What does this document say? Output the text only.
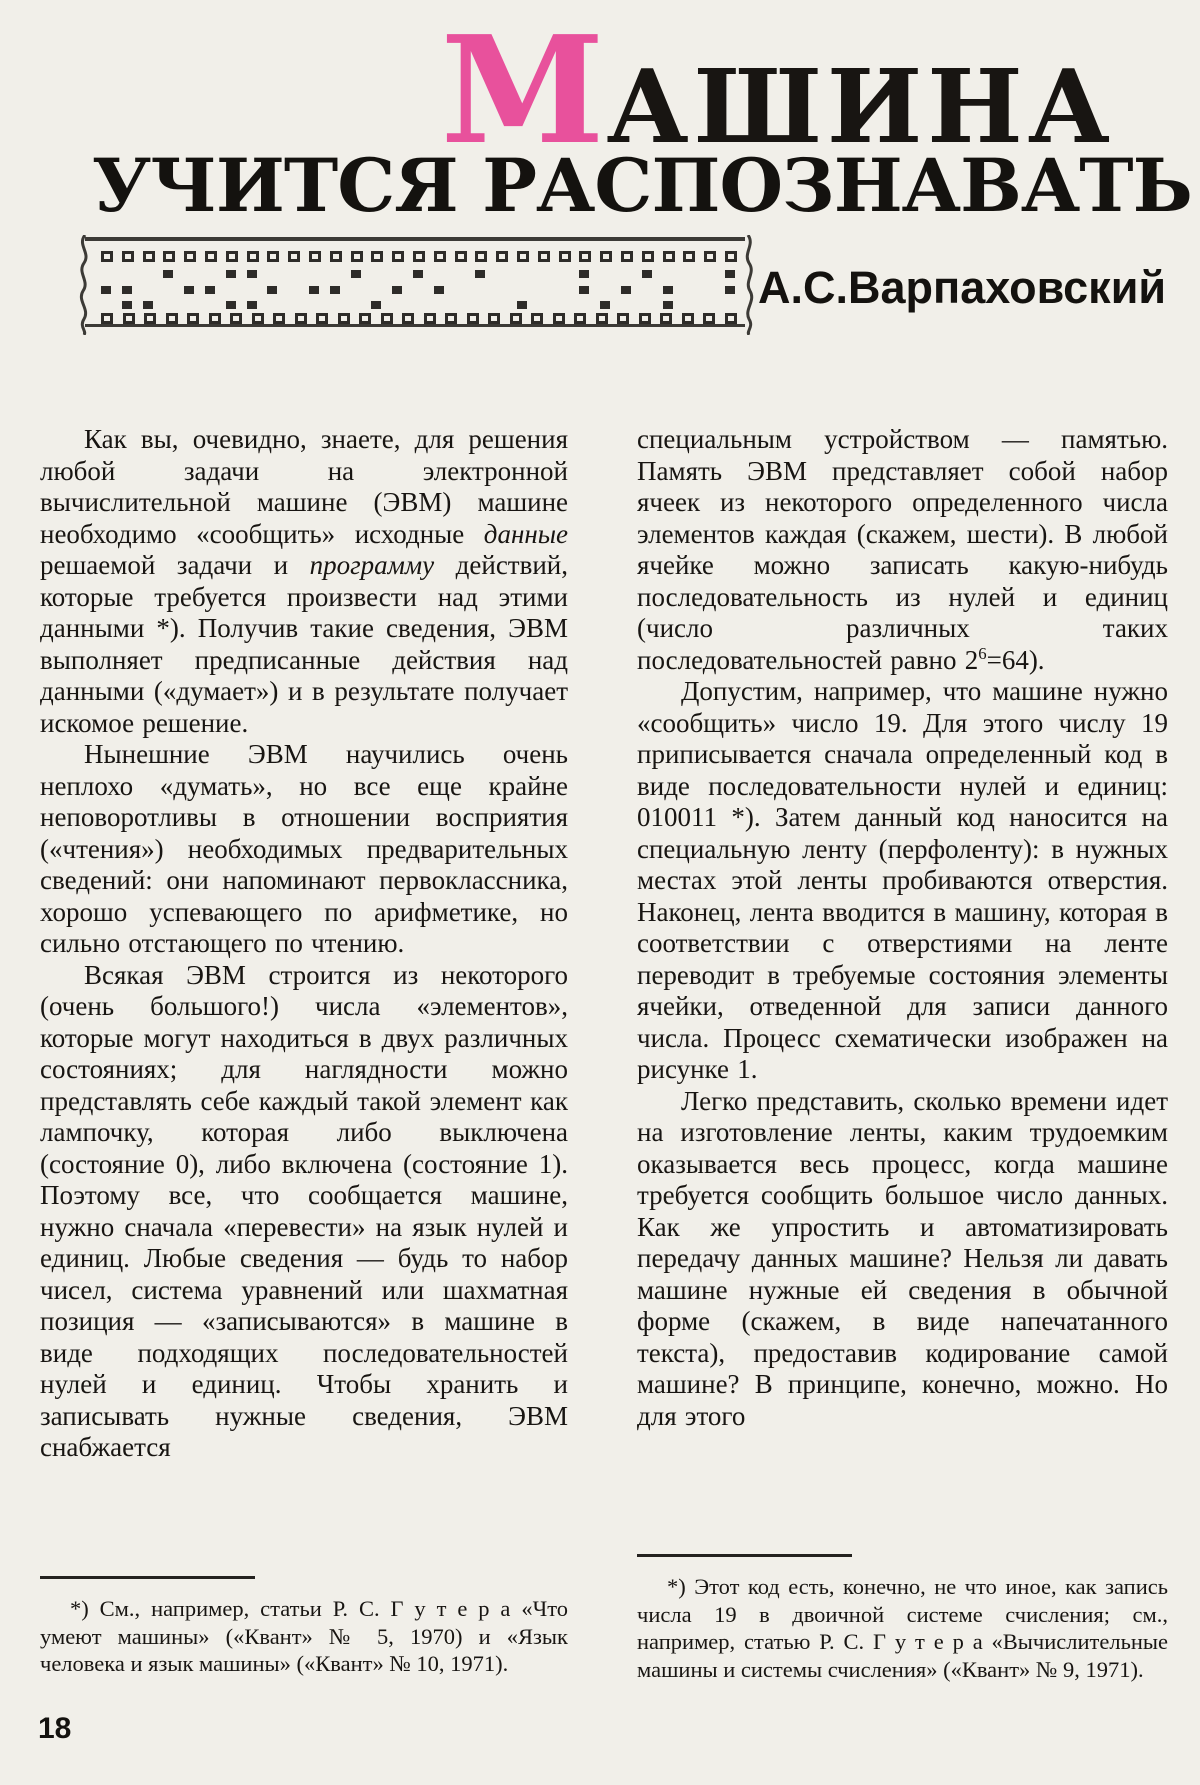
МАШИНА
УЧИТСЯ РАСПОЗНАВАТЬ
А.С.Варпаховский

Как вы, очевидно, знаете, для решения любой задачи на электронной вычислительной машине (ЭВМ) машине необходимо «сообщить» исходные данные решаемой задачи и программу действий, которые требуется произвести над этими данными *). Получив такие сведения, ЭВМ выполняет предписанные действия над данными («думает») и в результате получает искомое решение.

Нынешние ЭВМ научились очень неплохо «думать», но все еще крайне неповоротливы в отношении восприятия («чтения») необходимых предварительных сведений: они напоминают первоклассника, хорошо успевающего по арифметике, но сильно отстающего по чтению.

Всякая ЭВМ строится из некоторого (очень большого!) числа «элементов», которые могут находиться в двух различных состояниях; для наглядности можно представлять себе каждый такой элемент как лампочку, которая либо выключена (состояние 0), либо включена (состояние 1). Поэтому все, что сообщается машине, нужно сначала «перевести» на язык нулей и единиц. Любые сведения — будь то набор чисел, система уравнений или шахматная позиция — «записываются» в машине в виде подходящих последовательностей нулей и единиц. Чтобы хранить и записывать нужные сведения, ЭВМ снабжается

специальным устройством — памятью. Память ЭВМ представляет собой набор ячеек из некоторого определенного числа элементов каждая (скажем, шести). В любой ячейке можно записать какую-нибудь последовательность из нулей и единиц (число различных таких последовательностей равно $2^6=64$).

Допустим, например, что машине нужно «сообщить» число 19. Для этого числу 19 приписывается сначала определенный код в виде последовательности нулей и единиц: 010011 *). Затем данный код наносится на специальную ленту (перфоленту): в нужных местах этой ленты пробиваются отверстия. Наконец, лента вводится в машину, которая в соответствии с отверстиями на ленте переводит в требуемые состояния элементы ячейки, отведенной для записи данного числа. Процесс схематически изображен на рисунке 1.

Легко представить, сколько времени идет на изготовление ленты, каким трудоемким оказывается весь процесс, когда машине требуется сообщить большое число данных. Как же упростить и автоматизировать передачу данных машине? Нельзя ли давать машине нужные ей сведения в обычной форме (скажем, в виде напечатанного текста), предоставив кодирование самой машине? В принципе, конечно, можно. Но для этого

*) См., например, статьи Р. С. Г у т е р а «Что умеют машины» («Квант» № 5, 1970) и «Язык человека и язык машины» («Квант» № 10, 1971).
*) Этот код есть, конечно, не что иное, как запись числа 19 в двоичной системе счисления; см., например, статью Р. С. Г у т е р а «Вычислительные машины и системы счисления» («Квант» № 9, 1971).
18
